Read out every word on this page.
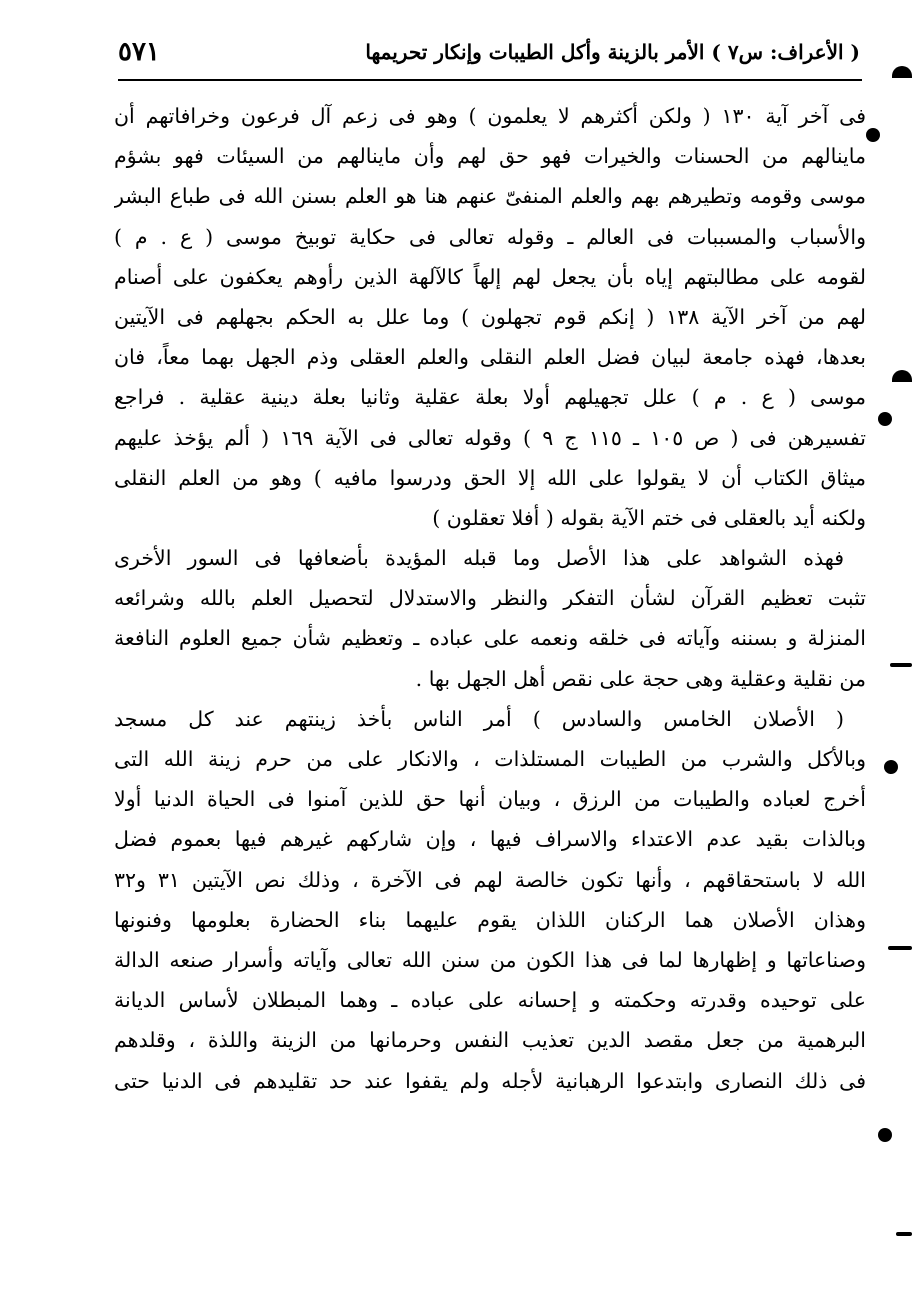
( الأعراف: س٧ ) الأمر بالزينة وأكل الطيبات وإنكار تحريمها
٥٧١
فى آخر آية ١٣٠ ( ولكن أكثرهم لا يعلمون ) وهو فى زعم آل فرعون وخرافاتهم أن
ماينالهم من الحسنات والخيرات فهو حق لهم وأن ماينالهم من السيئات فهو بشؤم
موسى وقومه وتطيرهم بهم والعلم المنفىّ عنهم هنا هو العلم بسنن الله فى طباع البشر
والأسباب والمسببات فى العالم ـ وقوله تعالى فى حكاية توبيخ موسى ( ع . م )
لقومه على مطالبتهم إياه بأن يجعل لهم إلهاً كالآلهة الذين رأوهم يعكفون على أصنام
لهم من آخر الآية ١٣٨ ( إنكم قوم تجهلون ) وما علل به الحكم بجهلهم فى الآيتين
بعدها، فهذه جامعة لبيان فضل العلم النقلى والعلم العقلى وذم الجهل بهما معاً، فان
موسى ( ع . م ) علل تجهيلهم أولا بعلة عقلية وثانيا بعلة دينية عقلية . فراجع
تفسيرهن فى ( ص ١٠٥ ـ ١١٥ ج ٩ ) وقوله تعالى فى الآية ١٦٩ ( ألم يؤخذ عليهم
ميثاق الكتاب أن لا يقولوا على الله إلا الحق ودرسوا مافيه ) وهو من العلم النقلى
ولكنه أيد بالعقلى فى ختم الآية بقوله ( أفلا تعقلون )
فهذه الشواهد على هذا الأصل وما قبله المؤيدة بأضعافها فى السور الأخرى
تثبت تعظيم القرآن لشأن التفكر والنظر والاستدلال لتحصيل العلم بالله وشرائعه
المنزلة و بسننه وآياته فى خلقه ونعمه على عباده ـ وتعظيم شأن جميع العلوم النافعة
من نقلية وعقلية وهى حجة على نقص أهل الجهل بها .
( الأصلان الخامس والسادس ) أمر الناس بأخذ زينتهم عند كل مسجد
وبالأكل والشرب من الطيبات المستلذات ، والانكار على من حرم زينة الله التى
أخرج لعباده والطيبات من الرزق ، وبيان أنها حق للذين آمنوا فى الحياة الدنيا أولا
وبالذات بقيد عدم الاعتداء والاسراف فيها ، وإن شاركهم غيرهم فيها بعموم فضل
الله لا باستحقاقهم ، وأنها تكون خالصة لهم فى الآخرة ، وذلك نص الآيتين ٣١ و٣٢
وهذان الأصلان هما الركنان اللذان يقوم عليهما بناء الحضارة بعلومها وفنونها
وصناعاتها و إظهارها لما فى هذا الكون من سنن الله تعالى وآياته وأسرار صنعه الدالة
على توحيده وقدرته وحكمته و إحسانه على عباده ـ وهما المبطلان لأساس الديانة
البرهمية من جعل مقصد الدين تعذيب النفس وحرمانها من الزينة واللذة ، وقلدهم
فى ذلك النصارى وابتدعوا الرهبانية لأجله ولم يقفوا عند حد تقليدهم فى الدنيا حتى
